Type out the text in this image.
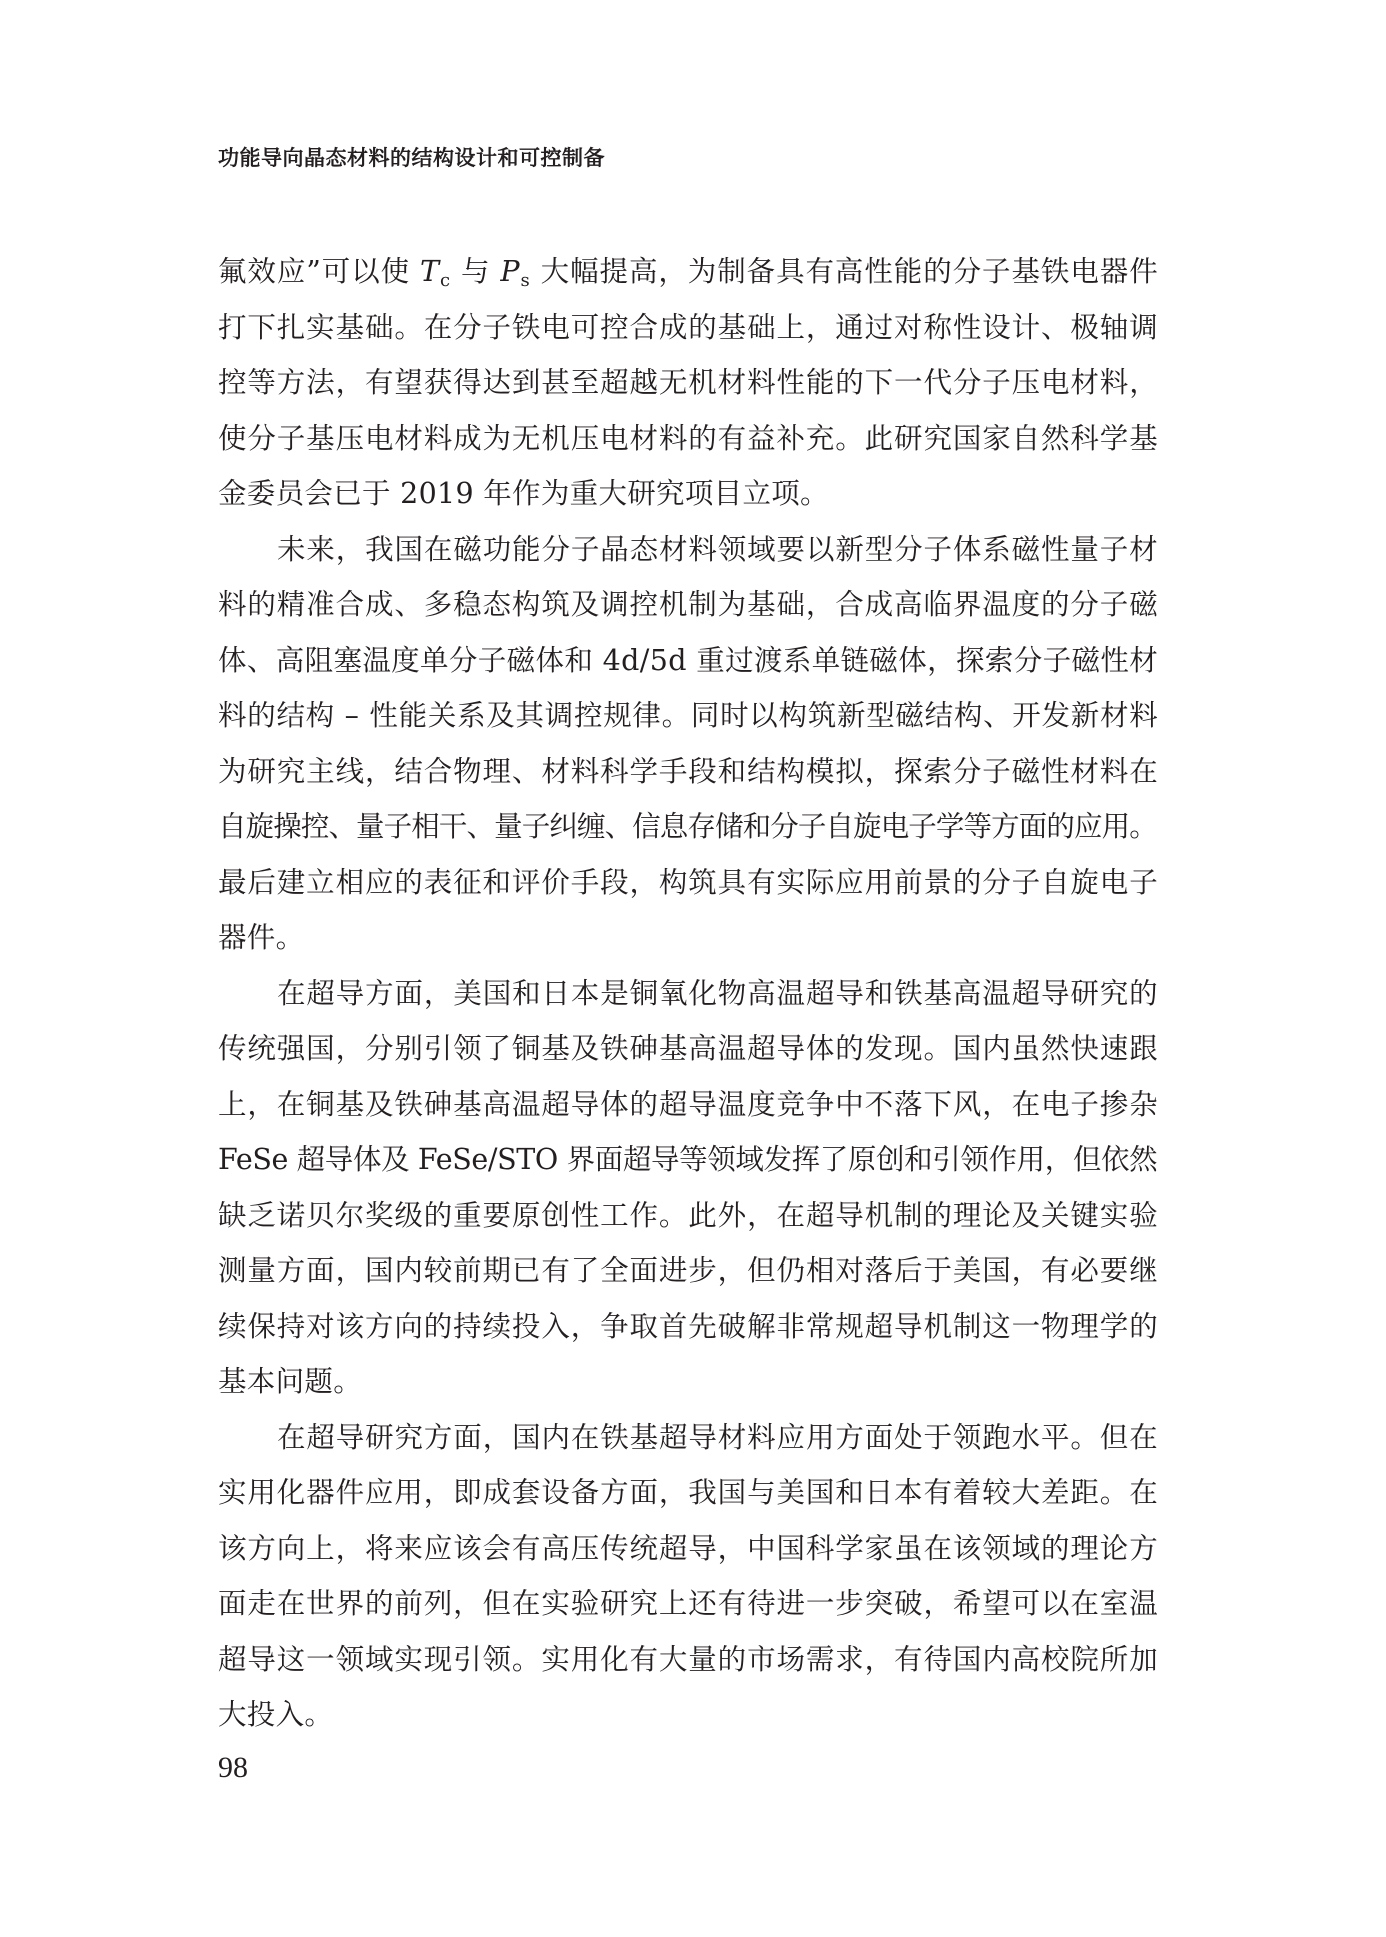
功能导向晶态材料的结构设计和可控制备
氟效应”可以使 Tc 与 Ps 大幅提高，为制备具有高性能的分子基铁电器件
打下扎实基础。在分子铁电可控合成的基础上，通过对称性设计、极轴调
控等方法，有望获得达到甚至超越无机材料性能的下一代分子压电材料，
使分子基压电材料成为无机压电材料的有益补充。此研究国家自然科学基
金委员会已于 2019 年作为重大研究项目立项。
未来，我国在磁功能分子晶态材料领域要以新型分子体系磁性量子材
料的精准合成、多稳态构筑及调控机制为基础，合成高临界温度的分子磁
体、高阻塞温度单分子磁体和 4d/5d 重过渡系单链磁体，探索分子磁性材
料的结构 – 性能关系及其调控规律。同时以构筑新型磁结构、开发新材料
为研究主线，结合物理、材料科学手段和结构模拟，探索分子磁性材料在
自旋操控、量子相干、量子纠缠、信息存储和分子自旋电子学等方面的应用。
最后建立相应的表征和评价手段，构筑具有实际应用前景的分子自旋电子
器件。
在超导方面，美国和日本是铜氧化物高温超导和铁基高温超导研究的
传统强国，分别引领了铜基及铁砷基高温超导体的发现。国内虽然快速跟
上，在铜基及铁砷基高温超导体的超导温度竞争中不落下风，在电子掺杂
FeSe 超导体及 FeSe/STO 界面超导等领域发挥了原创和引领作用，但依然
缺乏诺贝尔奖级的重要原创性工作。此外，在超导机制的理论及关键实验
测量方面，国内较前期已有了全面进步，但仍相对落后于美国，有必要继
续保持对该方向的持续投入，争取首先破解非常规超导机制这一物理学的
基本问题。
在超导研究方面，国内在铁基超导材料应用方面处于领跑水平。但在
实用化器件应用，即成套设备方面，我国与美国和日本有着较大差距。在
该方向上，将来应该会有高压传统超导，中国科学家虽在该领域的理论方
面走在世界的前列，但在实验研究上还有待进一步突破，希望可以在室温
超导这一领域实现引领。实用化有大量的市场需求，有待国内高校院所加
大投入。
98
